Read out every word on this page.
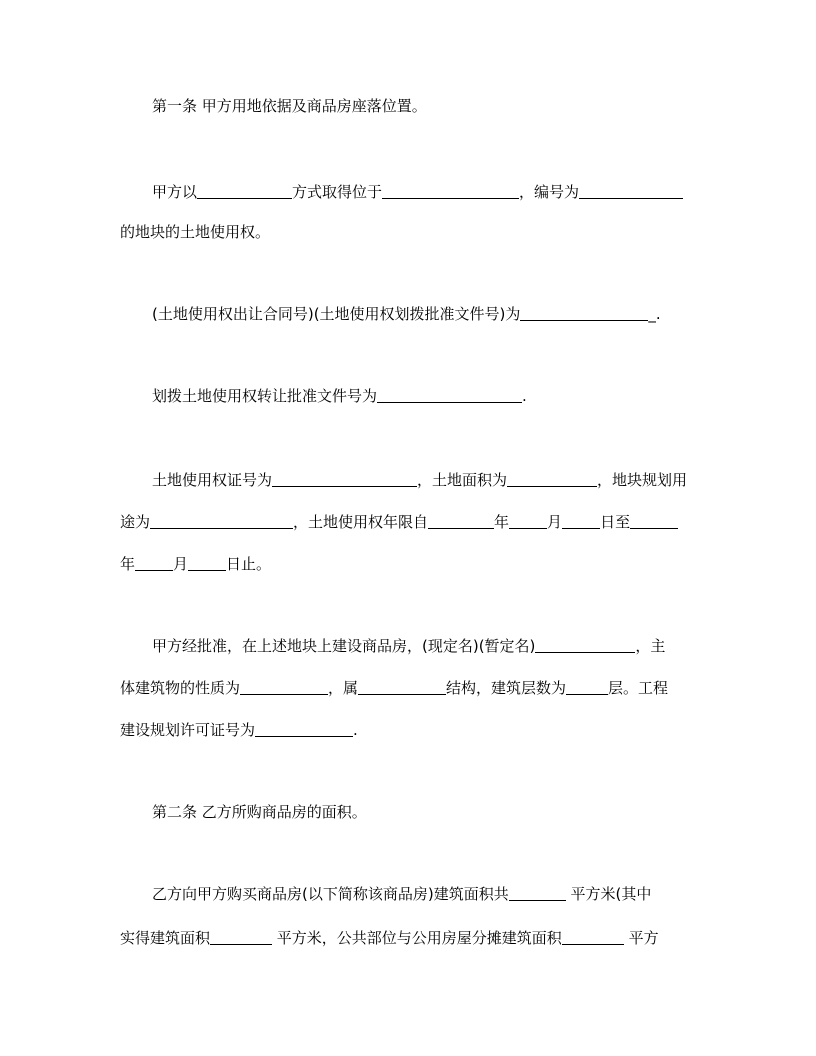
第一条 甲方用地依据及商品房座落位置。
甲方以	方式取得位于	，编号为
的地块的土地使用权。
(土地使用权出让合同号)(土地使用权划拨批准文件号)为	_.
划拨土地使用权转让批准文件号为	.
土地使用权证号为	，土地面积为	，地块规划用
途为	，土地使用权年限自	年	月	日至
年	月	日止。
甲方经批准，在上述地块上建设商品房，(现定名)(暂定名)	，主
体建筑物的性质为	，属	结构，建筑层数为	层。工程
建设规划许可证号为	.
第二条 乙方所购商品房的面积。
乙方向甲方购买商品房(以下简称该商品房)建筑面积共	平方米(其中
实得建筑面积	平方米，公共部位与公用房屋分摊建筑面积	平方
